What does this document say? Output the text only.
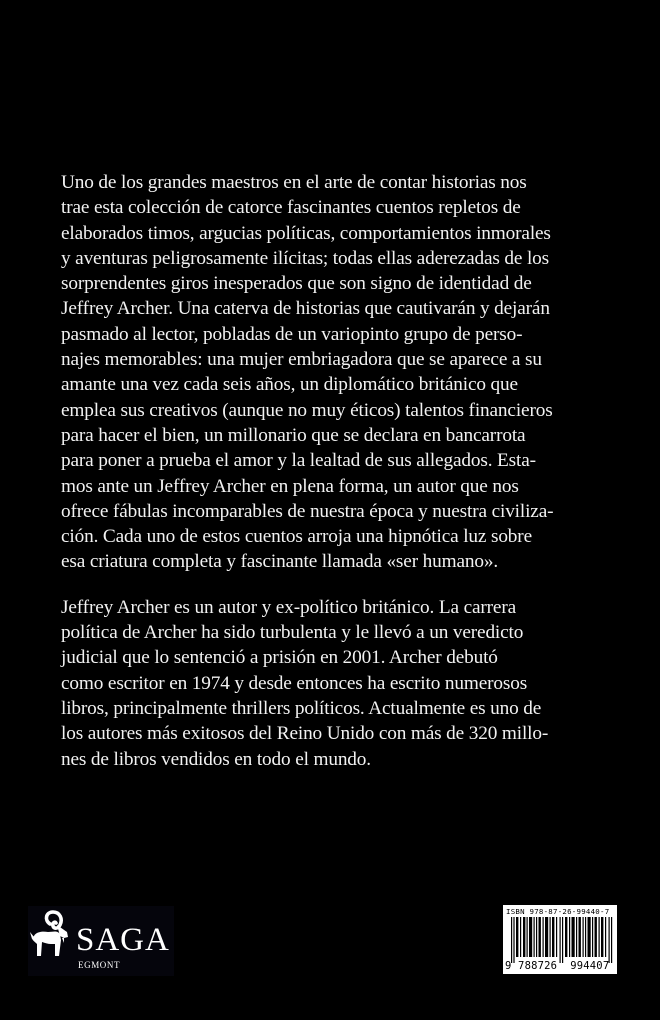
Uno de los grandes maestros en el arte de contar historias nos
trae esta colección de catorce fascinantes cuentos repletos de
elaborados timos, argucias políticas, comportamientos inmorales
y aventuras peligrosamente ilícitas; todas ellas aderezadas de los
sorprendentes giros inesperados que son signo de identidad de
Jeffrey Archer. Una caterva de historias que cautivarán y dejarán
pasmado al lector, pobladas de un variopinto grupo de perso-
najes memorables: una mujer embriagadora que se aparece a su
amante una vez cada seis años, un diplomático británico que
emplea sus creativos (aunque no muy éticos) talentos financieros
para hacer el bien, un millonario que se declara en bancarrota
para poner a prueba el amor y la lealtad de sus allegados. Esta-
mos ante un Jeffrey Archer en plena forma, un autor que nos
ofrece fábulas incomparables de nuestra época y nuestra civiliza-
ción. Cada uno de estos cuentos arroja una hipnótica luz sobre
esa criatura completa y fascinante llamada «ser humano».

Jeffrey Archer es un autor y ex-político británico. La carrera
política de Archer ha sido turbulenta y le llevó a un veredicto
judicial que lo sentenció a prisión en 2001. Archer debutó
como escritor en 1974 y desde entonces ha escrito numerosos
libros, principalmente thrillers políticos. Actualmente es uno de
los autores más exitosos del Reino Unido con más de 320 millo-
nes de libros vendidos en todo el mundo.

SAGA
EGMONT
ISBN 978-87-26-99440-7
9 788726  994407
